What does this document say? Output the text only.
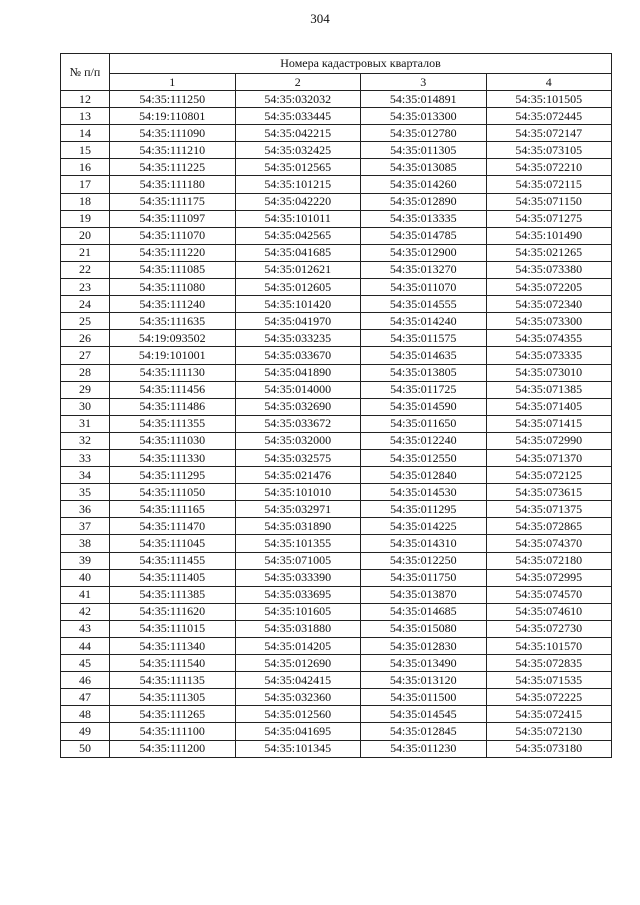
304
№ п/п	Номера кадастровых кварталов			
	1	2	3	4
12	54:35:111250	54:35:032032	54:35:014891	54:35:101505
13	54:19:110801	54:35:033445	54:35:013300	54:35:072445
14	54:35:111090	54:35:042215	54:35:012780	54:35:072147
15	54:35:111210	54:35:032425	54:35:011305	54:35:073105
16	54:35:111225	54:35:012565	54:35:013085	54:35:072210
17	54:35:111180	54:35:101215	54:35:014260	54:35:072115
18	54:35:111175	54:35:042220	54:35:012890	54:35:071150
19	54:35:111097	54:35:101011	54:35:013335	54:35:071275
20	54:35:111070	54:35:042565	54:35:014785	54:35:101490
21	54:35:111220	54:35:041685	54:35:012900	54:35:021265
22	54:35:111085	54:35:012621	54:35:013270	54:35:073380
23	54:35:111080	54:35:012605	54:35:011070	54:35:072205
24	54:35:111240	54:35:101420	54:35:014555	54:35:072340
25	54:35:111635	54:35:041970	54:35:014240	54:35:073300
26	54:19:093502	54:35:033235	54:35:011575	54:35:074355
27	54:19:101001	54:35:033670	54:35:014635	54:35:073335
28	54:35:111130	54:35:041890	54:35:013805	54:35:073010
29	54:35:111456	54:35:014000	54:35:011725	54:35:071385
30	54:35:111486	54:35:032690	54:35:014590	54:35:071405
31	54:35:111355	54:35:033672	54:35:011650	54:35:071415
32	54:35:111030	54:35:032000	54:35:012240	54:35:072990
33	54:35:111330	54:35:032575	54:35:012550	54:35:071370
34	54:35:111295	54:35:021476	54:35:012840	54:35:072125
35	54:35:111050	54:35:101010	54:35:014530	54:35:073615
36	54:35:111165	54:35:032971	54:35:011295	54:35:071375
37	54:35:111470	54:35:031890	54:35:014225	54:35:072865
38	54:35:111045	54:35:101355	54:35:014310	54:35:074370
39	54:35:111455	54:35:071005	54:35:012250	54:35:072180
40	54:35:111405	54:35:033390	54:35:011750	54:35:072995
41	54:35:111385	54:35:033695	54:35:013870	54:35:074570
42	54:35:111620	54:35:101605	54:35:014685	54:35:074610
43	54:35:111015	54:35:031880	54:35:015080	54:35:072730
44	54:35:111340	54:35:014205	54:35:012830	54:35:101570
45	54:35:111540	54:35:012690	54:35:013490	54:35:072835
46	54:35:111135	54:35:042415	54:35:013120	54:35:071535
47	54:35:111305	54:35:032360	54:35:011500	54:35:072225
48	54:35:111265	54:35:012560	54:35:014545	54:35:072415
49	54:35:111100	54:35:041695	54:35:012845	54:35:072130
50	54:35:111200	54:35:101345	54:35:011230	54:35:073180
